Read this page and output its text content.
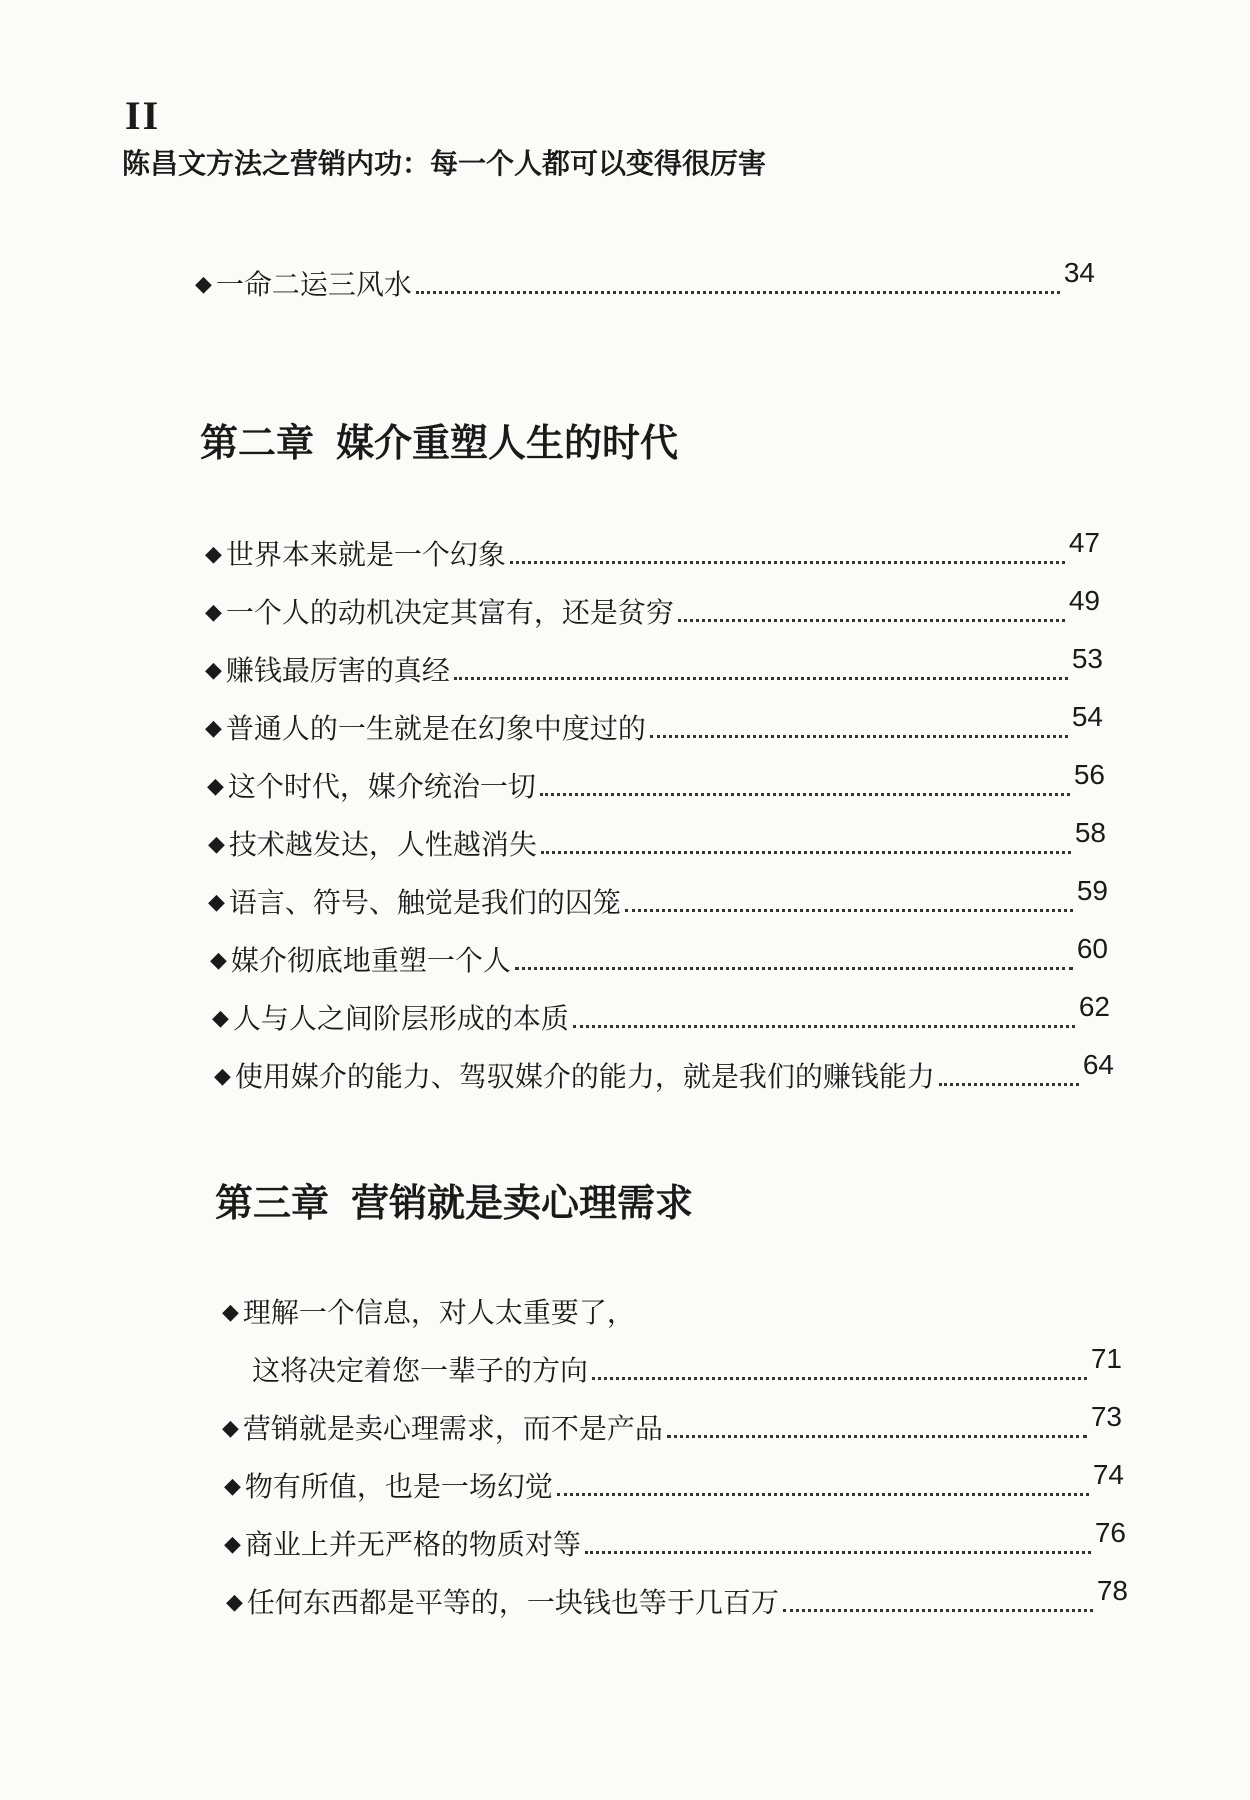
II
陈昌文方法之营销内功：每一个人都可以变得很厉害
◆ 一命二运三风水	34
第二章 媒介重塑人生的时代
◆ 世界本来就是一个幻象	47
◆ 一个人的动机决定其富有，还是贫穷	49
◆ 赚钱最厉害的真经	53
◆ 普通人的一生就是在幻象中度过的	54
◆ 这个时代，媒介统治一切	56
◆ 技术越发达，人性越消失	58
◆ 语言、符号、触觉是我们的囚笼	59
◆ 媒介彻底地重塑一个人	60
◆ 人与人之间阶层形成的本质	62
◆ 使用媒介的能力、驾驭媒介的能力，就是我们的赚钱能力	64
第三章 营销就是卖心理需求
◆ 理解一个信息，对人太重要了，
这将决定着您一辈子的方向	71
◆ 营销就是卖心理需求，而不是产品	73
◆ 物有所值，也是一场幻觉	74
◆ 商业上并无严格的物质对等	76
◆ 任何东西都是平等的，一块钱也等于几百万	78
